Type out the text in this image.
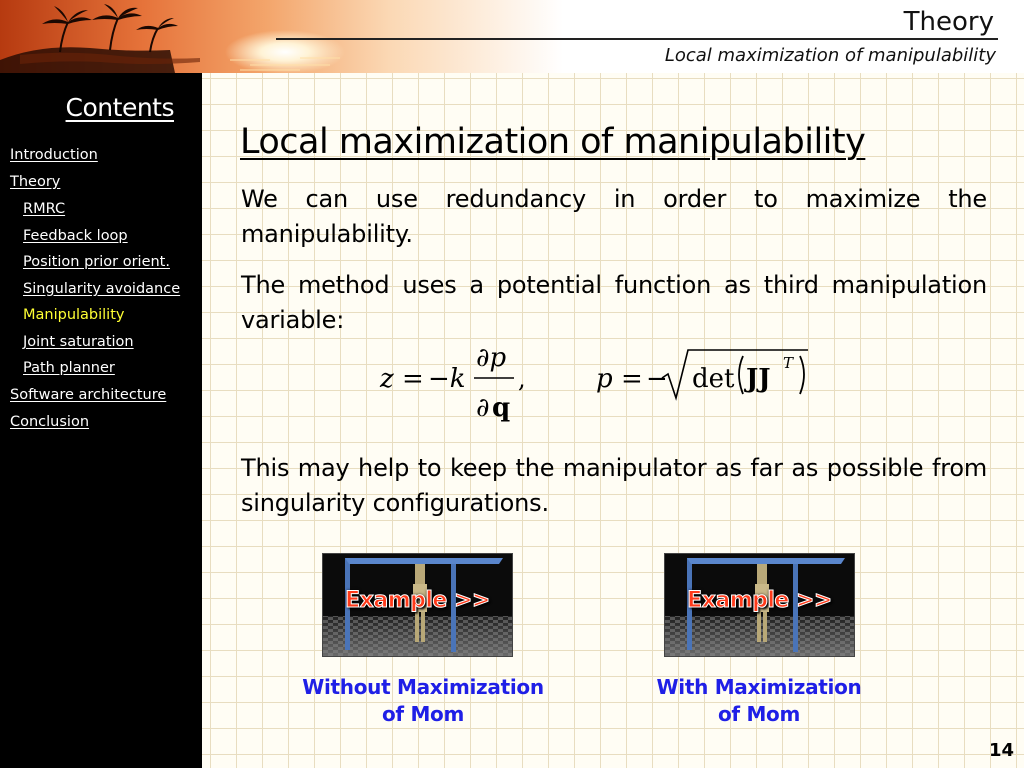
Theory
Local maximization of manipulability
Contents
Introduction
Theory
RMRC
Feedback loop
Position prior orient.
Singularity avoidance
Manipulability
Joint saturation
Path planner
Software architecture
Conclusion
Local maximization of manipulability
We can use redundancy in order to maximize the manipulability.
The method uses a potential function as third manipulation variable:
z = −k
∂p
∂ q
,	p = − det JJ
T
This may help to keep the manipulator as far as possible from singularity configurations.
Example >>	Example >>
Without Maximization
of Mom
With Maximization
of Mom
14
